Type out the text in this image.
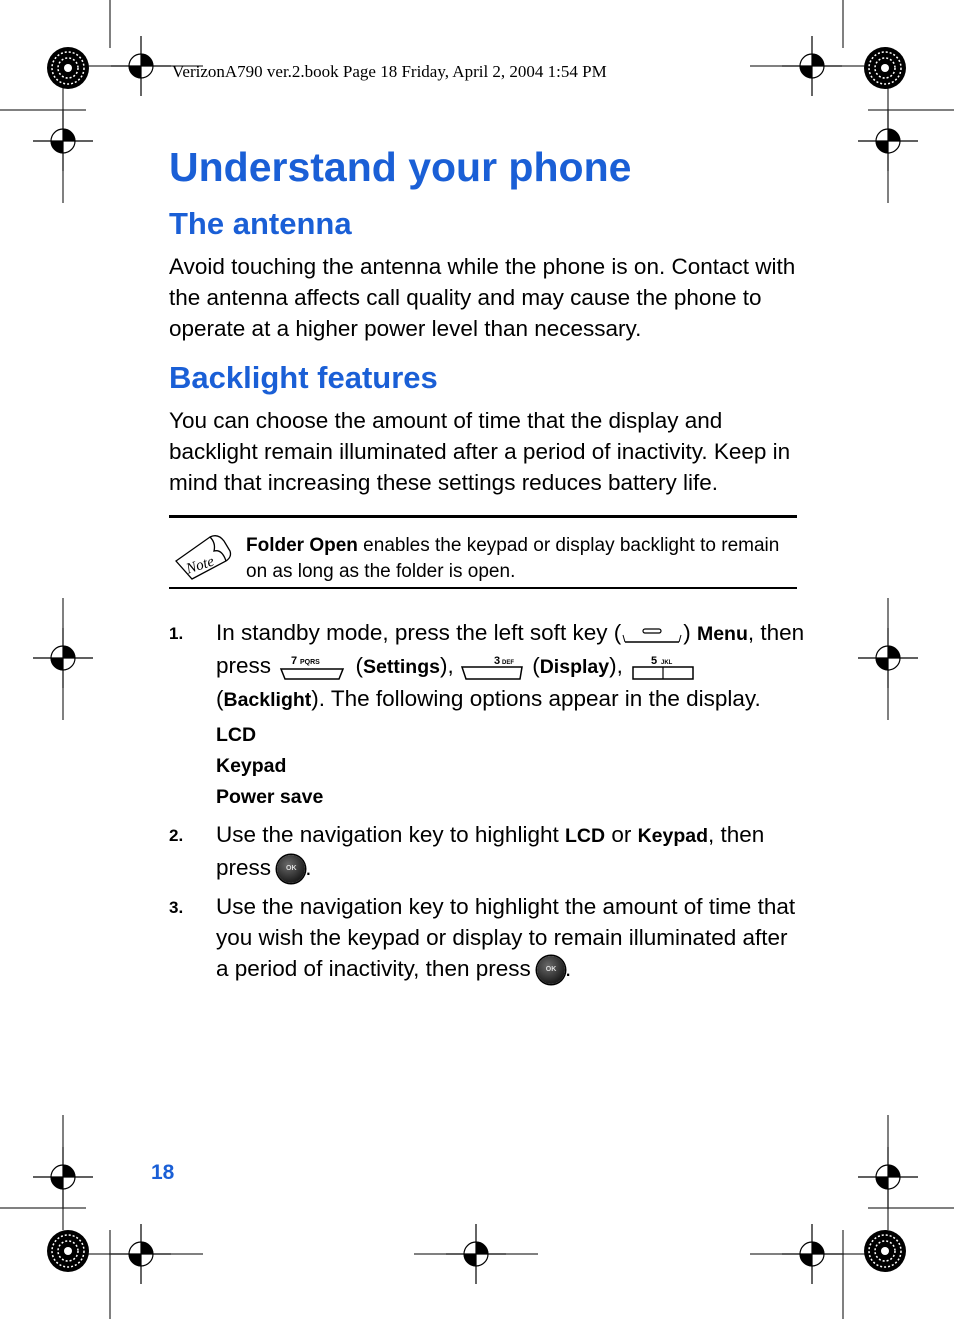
VerizonA790 ver.2.book Page 18 Friday, April 2, 2004 1:54 PM
Understand your phone
The antenna
Avoid touching the antenna while the phone is on. Contact with the antenna affects call quality and may cause the phone to operate at a higher power level than necessary.
Backlight features
You can choose the amount of time that the display and backlight remain illuminated after a period of inactivity. Keep in mind that increasing these settings reduces battery life.
Note
Folder Open enables the keypad or display backlight to remain on as long as the folder is open.
1. In standby mode, press the left soft key (	) Menu, then press 7 PQRS (Settings),	3 DEF (Display), 5 JKL

(Backlight). The following options appear in the display.
LCD
Keypad
Power save
2. Use the navigation key to highlight LCD or Keypad, then press OK .
3. Use the navigation key to highlight the amount of time that you wish the keypad or display to remain illuminated after a period of inactivity, then press OK .
18
